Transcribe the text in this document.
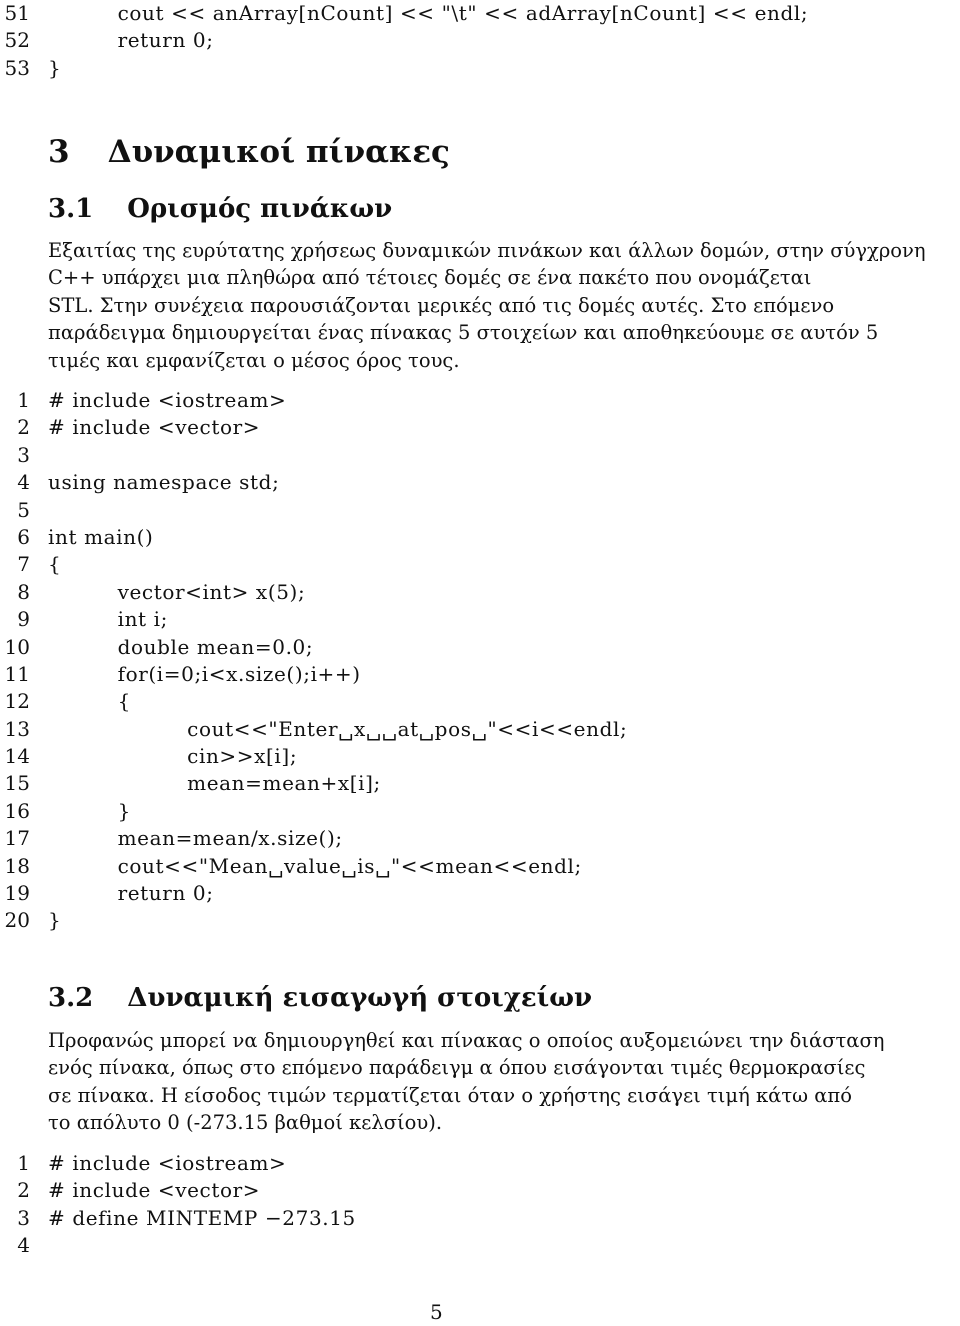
51 cout << anArray[nCount] << "\t" << adArray[nCount] << endl;
52 return 0;
53 }
3 Δυναμικοί πίνακες
3.1 Ορισμός πινάκων
Εξαιτίας της ευρύτατης χρήσεως δυναμικών πινάκων και άλλων δομών, στην σύγχρονη
C++ υπάρχει μια πληθώρα από τέτοιες δομές σε ένα πακέτο που ονομάζεται
STL. Στην συνέχεια παρουσιάζονται μερικές από τις δομές αυτές. Στο επόμενο
παράδειγμα δημιουργείται ένας πίνακας 5 στοιχείων και αποθηκεύουμε σε αυτόν 5
τιμές και εμφανίζεται ο μέσος όρος τους.
1 # include <iostream>
2 # include <vector>
3
4 using namespace std;
5
6 int main()
7 {
8 vector<int> x(5);
9 int i;
10 double mean=0.0;
11 for(i=0;i<x.size();i++)
12 {
13 cout<<"Enter␣x␣␣at␣pos␣"<<i<<endl;
14 cin>>x[i];
15 mean=mean+x[i];
16 }
17 mean=mean/x.size();
18 cout<<"Mean␣value␣is␣"<<mean<<endl;
19 return 0;
20 }
3.2 Δυναμική εισαγωγή στοιχείων
Προφανώς μπορεί να δημιουργηθεί και πίνακας ο οποίος αυξομειώνει την διάσταση
ενός πίνακα, όπως στο επόμενο παράδειγμ α όπου εισάγονται τιμές θερμοκρασίες
σε πίνακα. Η είσοδος τιμών τερματίζεται όταν ο χρήστης εισάγει τιμή κάτω από
το απόλυτο 0 (-273.15 βαθμοί κελσίου).
1 # include <iostream>
2 # include <vector>
3 # define MINTEMP −273.15
4
5
